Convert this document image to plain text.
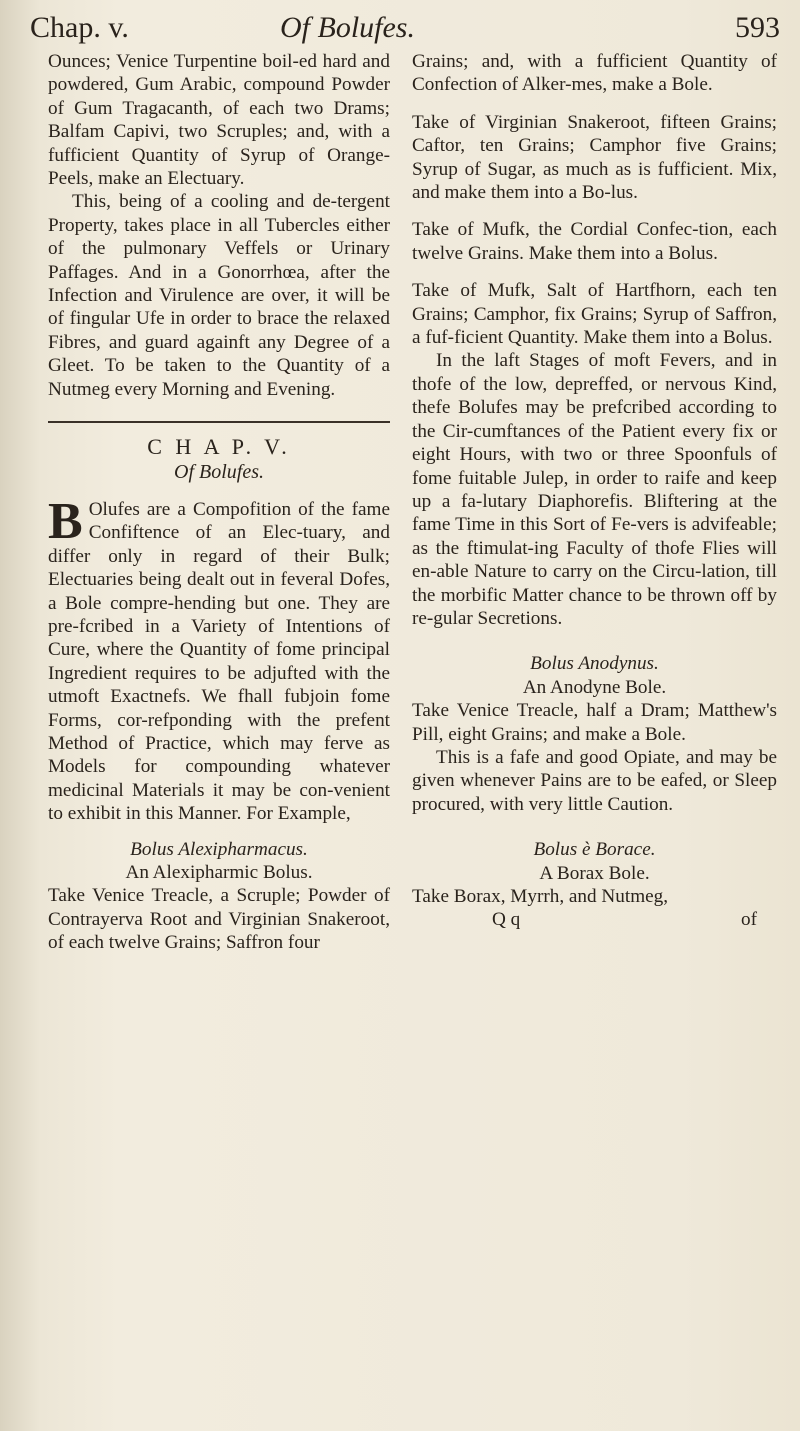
Chap. v.	Of Bolufes.	593

Ounces; Venice Turpentine boil-ed hard and powdered, Gum Arabic, compound Powder of Gum Tragacanth, of each two Drams; Balfam Capivi, two Scruples; and, with a fufficient Quantity of Syrup of Orange-Peels, make an Electuary.

This, being of a cooling and de-tergent Property, takes place in all Tubercles either of the pulmonary Veffels or Urinary Paffages. And in a Gonorrhœa, after the Infection and Virulence are over, it will be of fingular Ufe in order to brace the relaxed Fibres, and guard againft any Degree of a Gleet. To be taken to the Quantity of a Nutmeg every Morning and Evening.

C H A P. V.

Of Bolufes.

B Olufes are a Compofition of the fame Confiftence of an Elec-tuary, and differ only in regard of their Bulk; Electuaries being dealt out in feveral Dofes, a Bole compre-hending but one. They are pre-fcribed in a Variety of Intentions of Cure, where the Quantity of fome principal Ingredient requires to be adjufted with the utmoft Exactnefs. We fhall fubjoin fome Forms, cor-refponding with the prefent Method of Practice, which may ferve as Models for compounding whatever medicinal Materials it may be con-venient to exhibit in this Manner. For Example,

Bolus Alexipharmacus.

An Alexipharmic Bolus.

Take Venice Treacle, a Scruple; Powder of Contrayerva Root and Virginian Snakeroot, of each twelve Grains; Saffron four

Grains; and, with a fufficient Quantity of Confection of Alker-mes, make a Bole.

Take of Virginian Snakeroot, fifteen Grains; Caftor, ten Grains; Camphor five Grains; Syrup of Sugar, as much as is fufficient. Mix, and make them into a Bo-lus.

Take of Mufk, the Cordial Confec-tion, each twelve Grains. Make them into a Bolus.

Take of Mufk, Salt of Hartfhorn, each ten Grains; Camphor, fix Grains; Syrup of Saffron, a fuf-ficient Quantity. Make them into a Bolus.

In the laft Stages of moft Fevers, and in thofe of the low, depreffed, or nervous Kind, thefe Bolufes may be prefcribed according to the Cir-cumftances of the Patient every fix or eight Hours, with two or three Spoonfuls of fome fuitable Julep, in order to raife and keep up a fa-lutary Diaphorefis. Bliftering at the fame Time in this Sort of Fe-vers is advifeable; as the ftimulat-ing Faculty of thofe Flies will en-able Nature to carry on the Circu-lation, till the morbific Matter chance to be thrown off by re-gular Secretions.

Bolus Anodynus.

An Anodyne Bole.

Take Venice Treacle, half a Dram; Matthew's Pill, eight Grains; and make a Bole.

This is a fafe and good Opiate, and may be given whenever Pains are to be eafed, or Sleep procured, with very little Caution.

Bolus è Borace.

A Borax Bole.

Take Borax, Myrrh, and Nutmeg,

Q q	of
